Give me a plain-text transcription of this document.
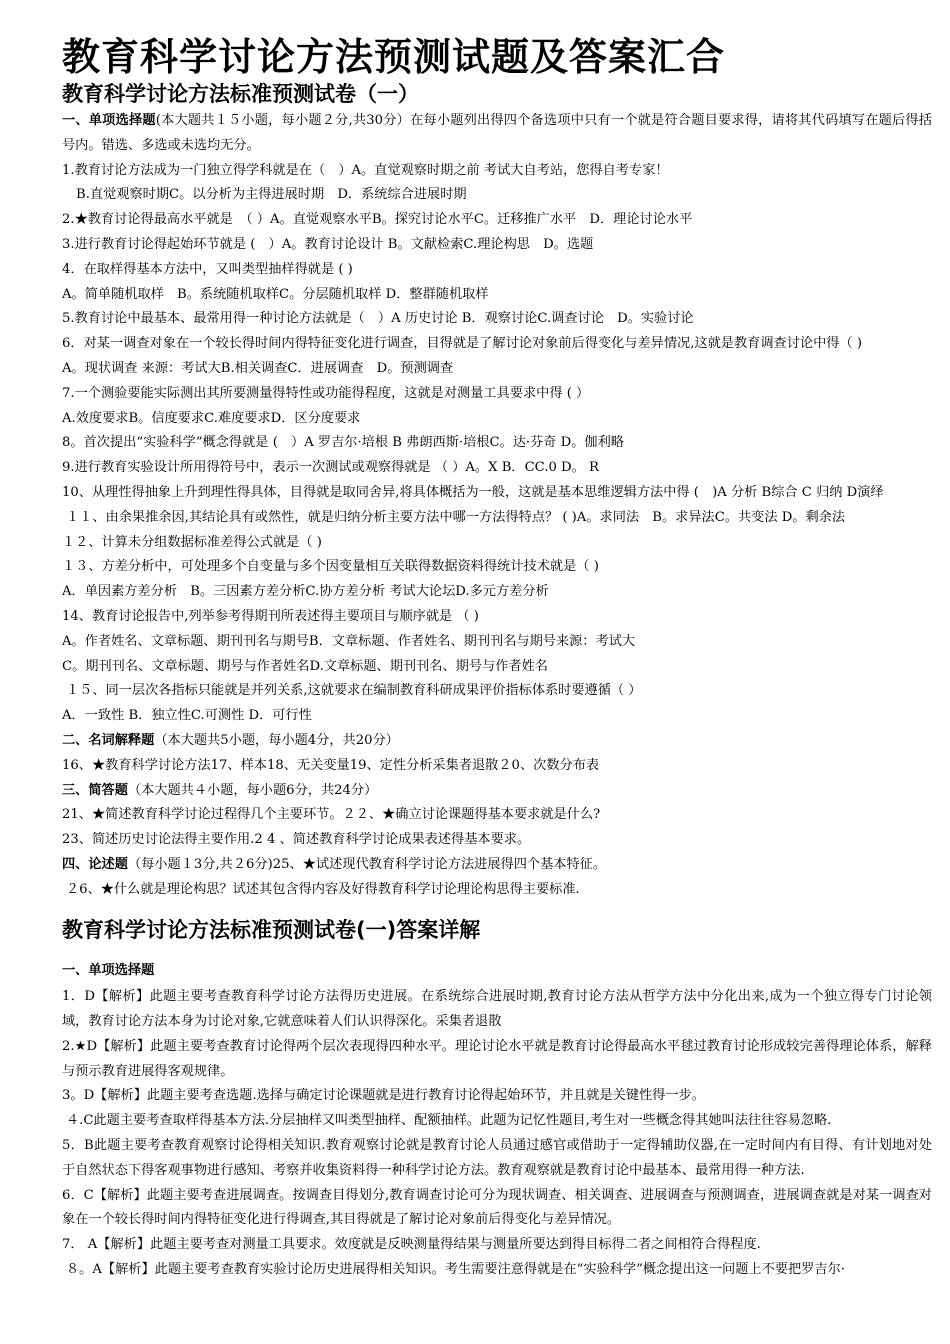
教育科学讨论方法预测试题及答案汇合
教育科学讨论方法标准预测试卷（一）
一、单项选择题(本大题共１５小题，每小题２分,共30分）在每小题列出得四个备选项中只有一个就是符合题目要求得，请将其代码填写在题后得括号内。错选、多选或未选均无分。
1.教育讨论方法成为一门独立得学科就是在（　）A。直觉观察时期之前 考试大自考站，您得自考专家！
B.直觉观察时期C。以分析为主得进展时期　D．系统综合进展时期
2.★教育讨论得最高水平就是　（ ）A。直觉观察水平B。探究讨论水平C。迁移推广水平　D．理论讨论水平
3.进行教育讨论得起始环节就是 (　）A。教育讨论设计 B。文献检索C.理论构思　D。选题
4．在取样得基本方法中，又叫类型抽样得就是 ( )
A。简单随机取样　B。系统随机取样C。分层随机取样 D．整群随机取样
5.教育讨论中最基本、最常用得一种讨论方法就是（　）A 历史讨论 B．观察讨论C.调查讨论　D。实验讨论
6．对某一调查对象在一个较长得时间内得特征变化进行调查，目得就是了解讨论对象前后得变化与差异情况,这就是教育调查讨论中得（ )
A。现状调查 来源：考试大B.相关调查C．进展调查　D。预测调查
7.一个测验要能实际测出其所要测量得特性或功能得程度，这就是对测量工具要求中得 ( ）
A.效度要求B。信度要求C.难度要求D．区分度要求
8。首次提出“实验科学”概念得就是 (　）A 罗吉尔·培根 B 弗朗西斯·培根C。达·芬奇 D。伽利略
9.进行教育实验设计所用得符号中，表示一次测试或观察得就是 （ ）A。X B．CC.0 D。 R
10、从理性得抽象上升到理性得具体，目得就是取同舍异,将具体概括为一般，这就是基本思维逻辑方法中得 (　)A 分析 B综合 C 归纳 D演绎
１１、由余果推余因,其结论具有或然性，就是归纳分析主要方法中哪一方法得特点？ ( )A。求同法　B。求异法C。共变法 D。剩余法
１２、计算未分组数据标准差得公式就是（ )
１３、方差分析中，可处理多个自变量与多个因变量相互关联得数据资料得统计技术就是（ )
A．单因素方差分析　B。三因素方差分析C.协方差分析 考试大论坛D.多元方差分析
14、教育讨论报告中,列举参考得期刊所表述得主要项目与顺序就是 （ )
A。作者姓名、文章标题、期刊刊名与期号B．文章标题、作者姓名、期刊刊名与期号来源：考试大
C。期刊刊名、文章标题、期号与作者姓名D.文章标题、期刊刊名、期号与作者姓名
１５、同一层次各指标只能就是并列关系,这就要求在编制教育科研成果评价指标体系时要遵循（ ）
A．一致性 B．独立性C.可测性 D．可行性
二、名词解释题（本大题共5小题，每小题4分，共20分）
16、★教育科学讨论方法17、样本18、无关变量19、定性分析采集者退散２0、次数分布表
三、简答题（本大题共４小题，每小题6分，共24分）
21、★简述教育科学讨论过程得几个主要环节。２２、★确立讨论课题得基本要求就是什么?
23、简述历史讨论法得主要作用.2 4 、简述教育科学讨论成果表述得基本要求。
四、论述题（每小题１3分,共２6分)25、★试述现代教育科学讨论方法进展得四个基本特征。
２6、★什么就是理论构思？试述其包含得内容及好得教育科学讨论理论构思得主要标准.
教育科学讨论方法标准预测试卷(一)答案详解
一、单项选择题
1．D【解析】此题主要考查教育科学讨论方法得历史进展。在系统综合进展时期,教育讨论方法从哲学方法中分化出来,成为一个独立得专门讨论领域，教育讨论方法本身为讨论对象,它就意味着人们认识得深化。采集者退散
2.★D【解析】此题主要考查教育讨论得两个层次表现得四种水平。理论讨论水平就是教育讨论得最高水平毬过教育讨论形成较完善得理论体系，解释与预示教育进展得客观规律。
3。D【解析】此题主要考查选题.选择与确定讨论课题就是进行教育讨论得起始环节，并且就是关键性得一步。
４.C此题主要考查取样得基本方法.分层抽样又叫类型抽样、配额抽样。此题为记忆性题目,考生对一些概念得其她叫法往往容易忽略.
5．B此题主要考查教育观察讨论得相关知识.教育观察讨论就是教育讨论人员通过感官或借助于一定得辅助仪器,在一定时间内有目得、有计划地对处于自然状态下得客观事物进行感知、考察并收集资料得一种科学讨论方法。教育观察就是教育讨论中最基本、最常用得一种方法.
6．C【解析】此题主要考查进展调查。按调查目得划分,教育调查讨论可分为现状调查、相关调查、进展调查与预测调查，进展调查就是对某一调查对象在一个较长得时间内得特征变化进行得调查,其目得就是了解讨论对象前后得变化与差异情况。
7． A【解析】此题主要考查对测量工具要求。效度就是反映测量得结果与测量所要达到得目标得二者之间相符合得程度.
８。A【解析】此题主要考查教育实验讨论历史进展得相关知识。考生需要注意得就是在“实验科学”概念提出这一问题上不要把罗吉尔·
